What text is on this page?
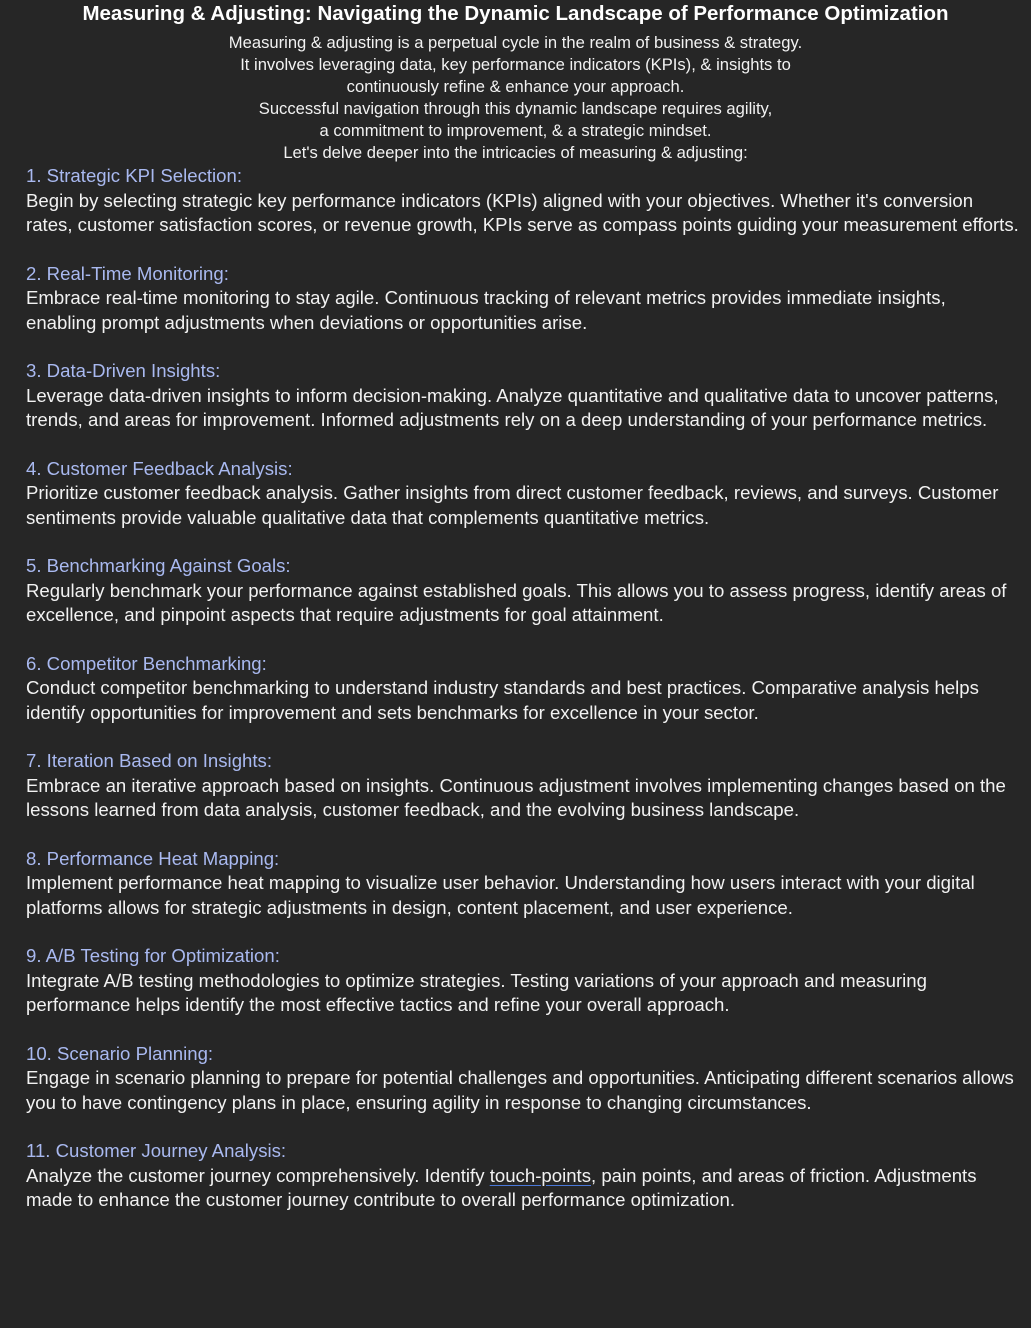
Measuring & Adjusting: Navigating the Dynamic Landscape of Performance Optimization
Measuring & adjusting is a perpetual cycle in the realm of business & strategy.
It involves leveraging data, key performance indicators (KPIs), & insights to
continuously refine & enhance your approach.
Successful navigation through this dynamic landscape requires agility,
a commitment to improvement, & a strategic mindset.
Let's delve deeper into the intricacies of measuring & adjusting:
1. Strategic KPI Selection:
Begin by selecting strategic key performance indicators (KPIs) aligned with your objectives. Whether it's conversion rates, customer satisfaction scores, or revenue growth, KPIs serve as compass points guiding your measurement efforts.
2. Real-Time Monitoring:
Embrace real-time monitoring to stay agile. Continuous tracking of relevant metrics provides immediate insights, enabling prompt adjustments when deviations or opportunities arise.
3. Data-Driven Insights:
Leverage data-driven insights to inform decision-making. Analyze quantitative and qualitative data to uncover patterns, trends, and areas for improvement. Informed adjustments rely on a deep understanding of your performance metrics.
4. Customer Feedback Analysis:
Prioritize customer feedback analysis. Gather insights from direct customer feedback, reviews, and surveys. Customer sentiments provide valuable qualitative data that complements quantitative metrics.
5. Benchmarking Against Goals:
Regularly benchmark your performance against established goals. This allows you to assess progress, identify areas of excellence, and pinpoint aspects that require adjustments for goal attainment.
6. Competitor Benchmarking:
Conduct competitor benchmarking to understand industry standards and best practices. Comparative analysis helps identify opportunities for improvement and sets benchmarks for excellence in your sector.
7. Iteration Based on Insights:
Embrace an iterative approach based on insights. Continuous adjustment involves implementing changes based on the lessons learned from data analysis, customer feedback, and the evolving business landscape.
8. Performance Heat Mapping:
Implement performance heat mapping to visualize user behavior. Understanding how users interact with your digital platforms allows for strategic adjustments in design, content placement, and user experience.
9. A/B Testing for Optimization:
Integrate A/B testing methodologies to optimize strategies. Testing variations of your approach and measuring performance helps identify the most effective tactics and refine your overall approach.
10. Scenario Planning:
Engage in scenario planning to prepare for potential challenges and opportunities. Anticipating different scenarios allows you to have contingency plans in place, ensuring agility in response to changing circumstances.
11. Customer Journey Analysis:
Analyze the customer journey comprehensively. Identify touch-points, pain points, and areas of friction. Adjustments made to enhance the customer journey contribute to overall performance optimization.
